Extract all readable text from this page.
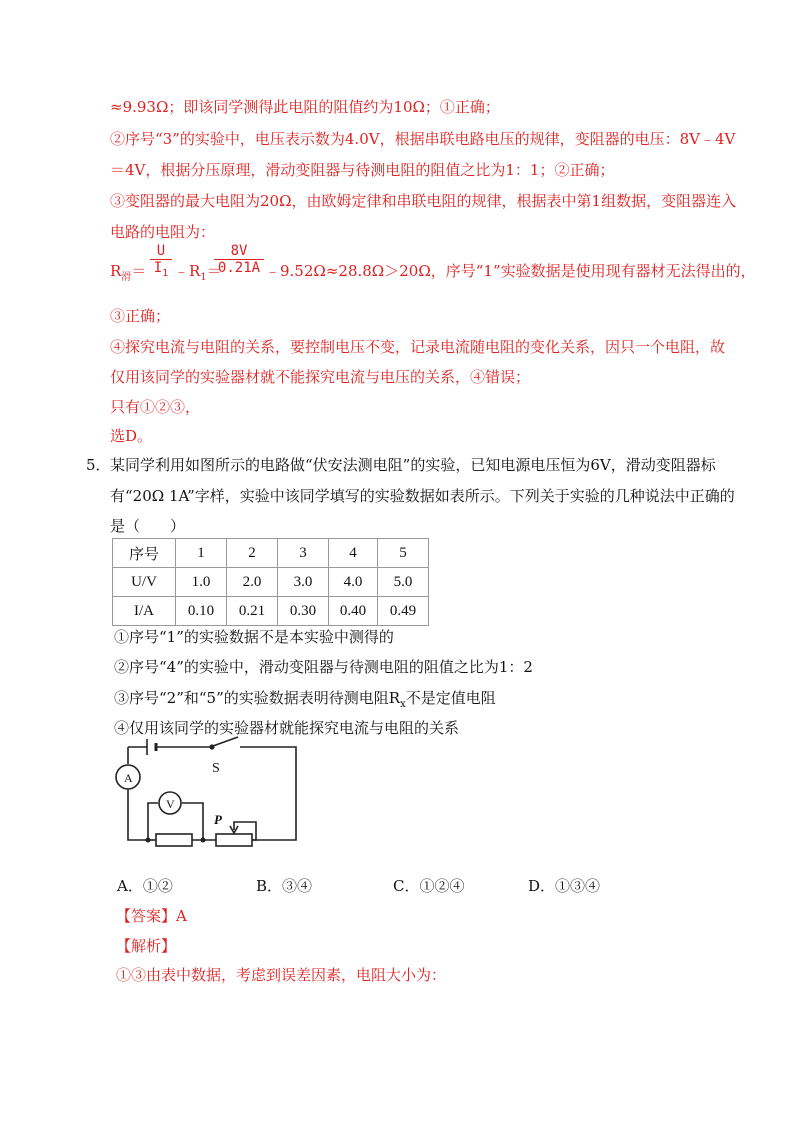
≈9.93Ω；即该同学测得此电阻的阻值约为10Ω；①正确；
②序号“3”的实验中，电压表示数为4.0V，根据串联电路电压的规律，变阻器的电压：8V﹣4V
＝4V，根据分压原理，滑动变阻器与待测电阻的阻值之比为1：1；②正确；
③变阻器的最大电阻为20Ω，由欧姆定律和串联电阻的规律，根据表中第1组数据，变阻器连入
电路的电阻为：
$R_滑=$
U
$I_1$ $﹣R_1=$
8V
0.21A ﹣9.52Ω≈28.8Ω＞20Ω，序号“1”实验数据是使用现有器材无法得出的，
③正确；
④探究电流与电阻的关系，要控制电压不变，记录电流随电阻的变化关系，因只一个电阻，故
仅用该同学的实验器材就不能探究电流与电压的关系，④错误；
只有①②③，
选D。
5． 某同学利用如图所示的电路做“伏安法测电阻”的实验，已知电源电压恒为6V，滑动变阻器标
有“20Ω 1A”字样，实验中该同学填写的实验数据如表所示。下列关于实验的几种说法中正确的
是（　　）
序号	1	2	3	4	5
U/V	1.0	2.0	3.0	4.0	5.0
I/A	0.10	0.21	0.30	0.40	0.49
①序号“1”的实验数据不是本实验中测得的
②序号“4”的实验中，滑动变阻器与待测电阻的阻值之比为1：2
③序号“2”和“5”的实验数据表明待测电阻$R_x$不是定值电阻
④仅用该同学的实验器材就能探究电流与电阻的关系
S
A
V
P
A．①②	B．③④	C．①②④	D．①③④
【答案】A
【解析】
①③由表中数据，考虑到误差因素，电阻大小为：
